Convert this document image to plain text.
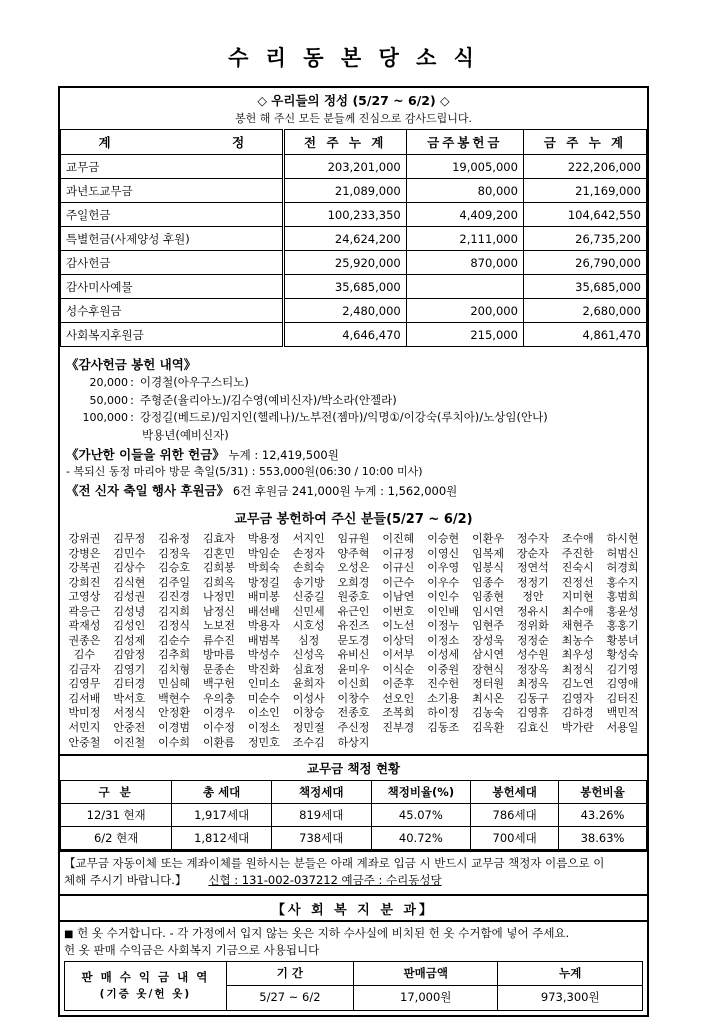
수 리 동 본 당 소 식
◇ 우리들의 정성 (5/27 ~ 6/2) ◇
봉헌 해 주신 모든 분들께 진심으로 감사드립니다.
계 정	전 주 누 계	금주봉헌금	금 주 누 계
교무금	203,201,000	19,005,000	222,206,000
과년도교무금	21,089,000	80,000	21,169,000
주일헌금	100,233,350	4,409,200	104,642,550
특별헌금(사제양성 후원)	24,624,200	2,111,000	26,735,200
감사헌금	25,920,000	870,000	26,790,000
감사미사예물	35,685,000		35,685,000
성수후원금	2,480,000	200,000	2,680,000
사회복지후원금	4,646,470	215,000	4,861,470
《감사헌금 봉헌 내역》
20,000 : 이경철(아우구스티노)
50,000 : 주형준(율리아노)/김수영(예비신자)/박소라(안젤라)
100,000 : 강정길(베드로)/임지인(헬레나)/노부전(젬마)/익명①/이강숙(루치아)/노상임(안나)
박용년(예비신자)
《가난한 이들을 위한 헌금》 누계 : 12,419,500원
- 복되신 동정 마리아 방문 축일(5/31) : 553,000원(06:30 / 10:00 미사)
《전 신자 축일 행사 후원금》 6건 후원금 241,000원 누계 : 1,562,000원
교무금 봉헌하여 주신 분들(5/27 ~ 6/2)
강위권	김무정	김유정	김효자	박용정	서지인	임규원	이진혜	이승현	이환우	정수자	조수애	하시현
강병은	김민수	김정욱	김혼민	박임순	손정자	양주혁	이규정	이영신	임복제	장순자	주진한	허범신
강복권	김상수	김승호	김희봉	박희숙	손희숙	오성은	이규신	이우영	임봉식	정연석	진숙시	허경희
강희진	김식현	김주일	김희옥	방정길	송기방	오희경	이근수	이우수	임종수	정정기	진정선	홍수지
고영상	김성권	김진경	나정민	배미봉	신중길	원중호	이남연	이인수	임종현	정안	지미현	홍범희
곽응근	김성녕	김지희	남정신	배선배	신민세	유근인	이번호	이인배	임시연	정유시	최수애	홍윤성
곽재성	김성인	김정식	노보전	박용자	시호성	유진즈	이노선	이정누	임현주	정위화	채현주	홍홍기
권종은	김성제	김순수	류수진	배범복	심정	문도경	이상덕	이정소	장성욱	정정순	최농수	황봉녀
김수	김암정	김추희	방마름	박성수	신성옥	유비신	이서부	이성세	삼시연	성수원	최우성	황성숙
김금자	김영기	김치형	문종손	박진화	심효정	윤미우	이식순	이중원	장현식	정장옥	최정식	김기영
김영무	김터경	민심혜	백구헌	인미소	윤희자	이신희	이준후	진수헌	정터원	최정옥	김노연	김영애
김서배	박서호	백현수	우의충	미순수	이성사	이창수	선오인	소기용	최시온	김동구	김영자	김터진
박미정	서정식	안정환	이경우	이소인	이창승	전종호	조복희	하이정	김농숙	김영휴	김하경	백민적
서민지	안중전	이경범	이수정	이정소	정민절	주신정	진부경	김동조	김옥환	김효신	박가란	서용일
안중철	이진철	이수희	이환름	정민호	조수김	하상지
교무금 책정 현황					
구 분	총 세대	책정세대	책정비율(%)	봉헌세대	봉헌비율
12/31 현재	1,917세대	819세대	45.07%	786세대	43.26%
6/2 현재	1,812세대	738세대	40.72%	700세대	38.63%
【교무금 자동이체 또는 계좌이체를 원하시는 분들은 아래 계좌로 입금 시 반드시 교무금 책정자 이름으로 이
체해 주시기 바랍니다.】 신협 : 131-002-037212 예금주 : 수리동성당
【사 회 복 지 분 과】
■ 헌 옷 수거합니다. - 각 가정에서 입지 않는 옷은 지하 수사실에 비치된 헌 옷 수거함에 넣어 주세요.
헌 옷 판매 수익금은 사회복지 기금으로 사용됩니다
판 매 수 익 금 내 역
(기증 옷/헌 옷)	기 간	판매금액	누계
	5/27 ~ 6/2	17,000원	973,300원
